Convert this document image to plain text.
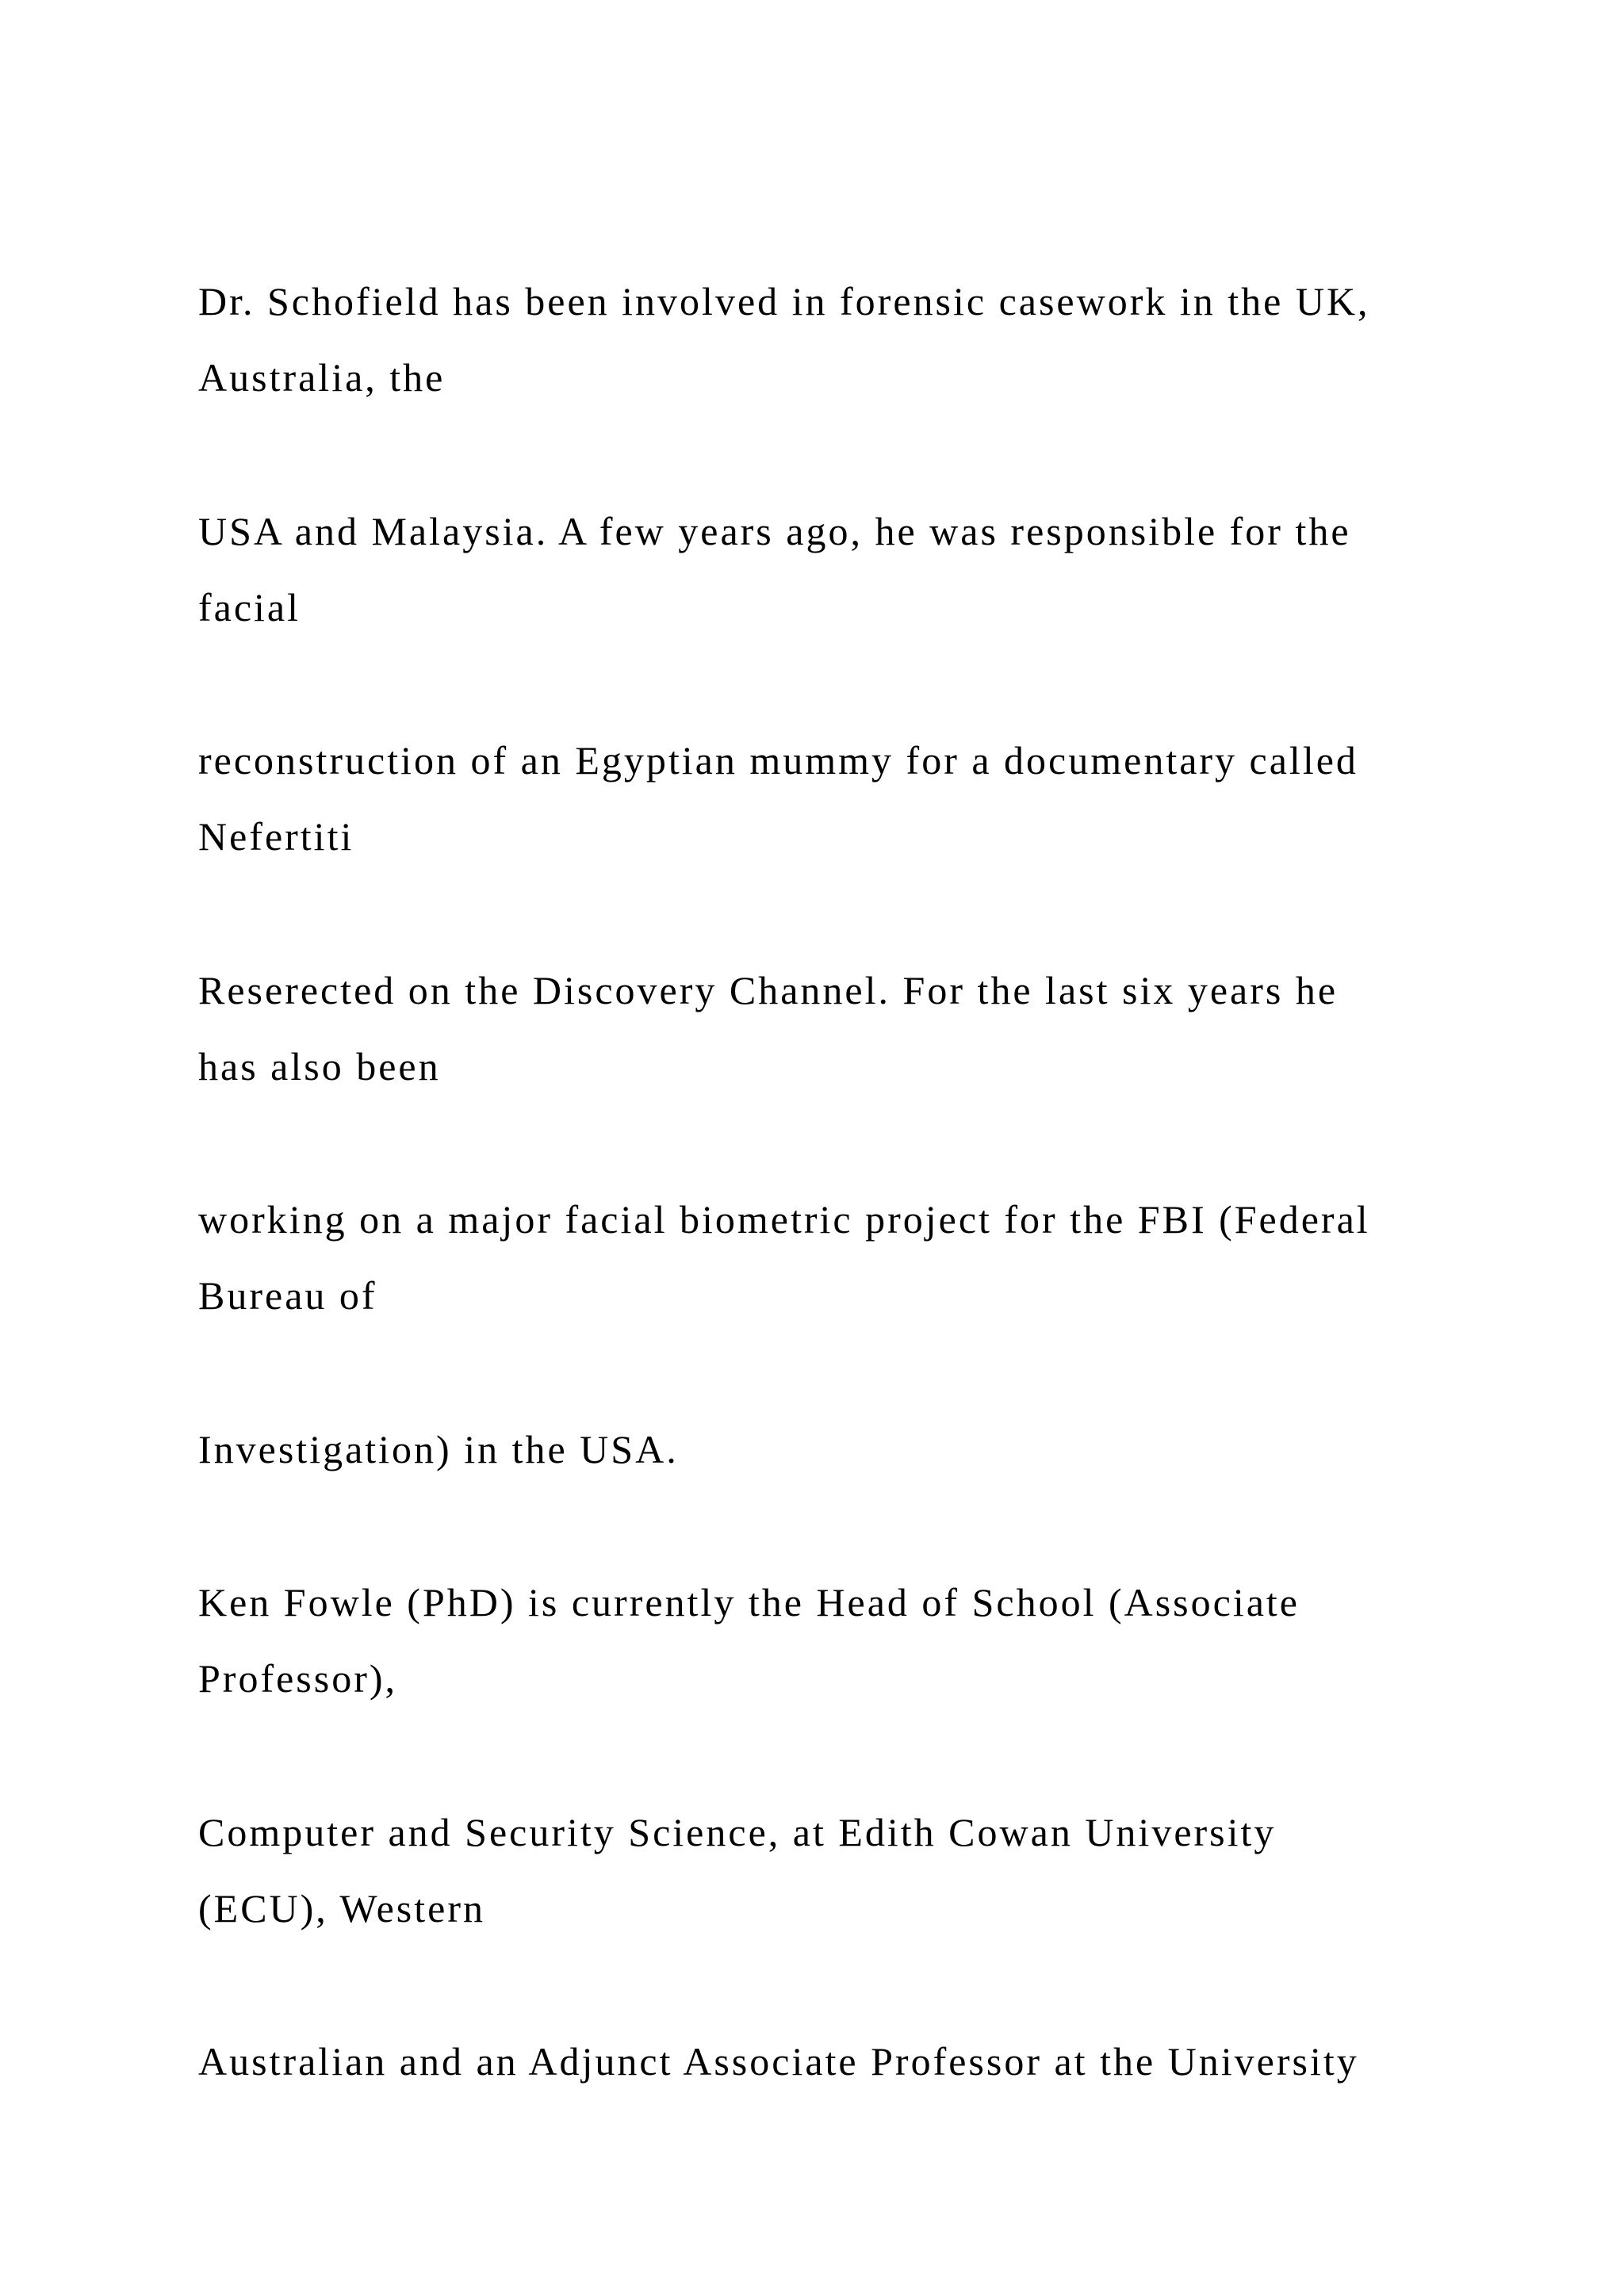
Dr. Schofield has been involved in forensic casework in the UK,
Australia, the

USA and Malaysia. A few years ago, he was responsible for the
facial

reconstruction of an Egyptian mummy for a documentary called
Nefertiti

Reserected on the Discovery Channel. For the last six years he
has also been

working on a major facial biometric project for the FBI (Federal
Bureau of

Investigation) in the USA.

Ken Fowle (PhD) is currently the Head of School (Associate
Professor),

Computer and Security Science, at Edith Cowan University
(ECU), Western

Australian and an Adjunct Associate Professor at the University
